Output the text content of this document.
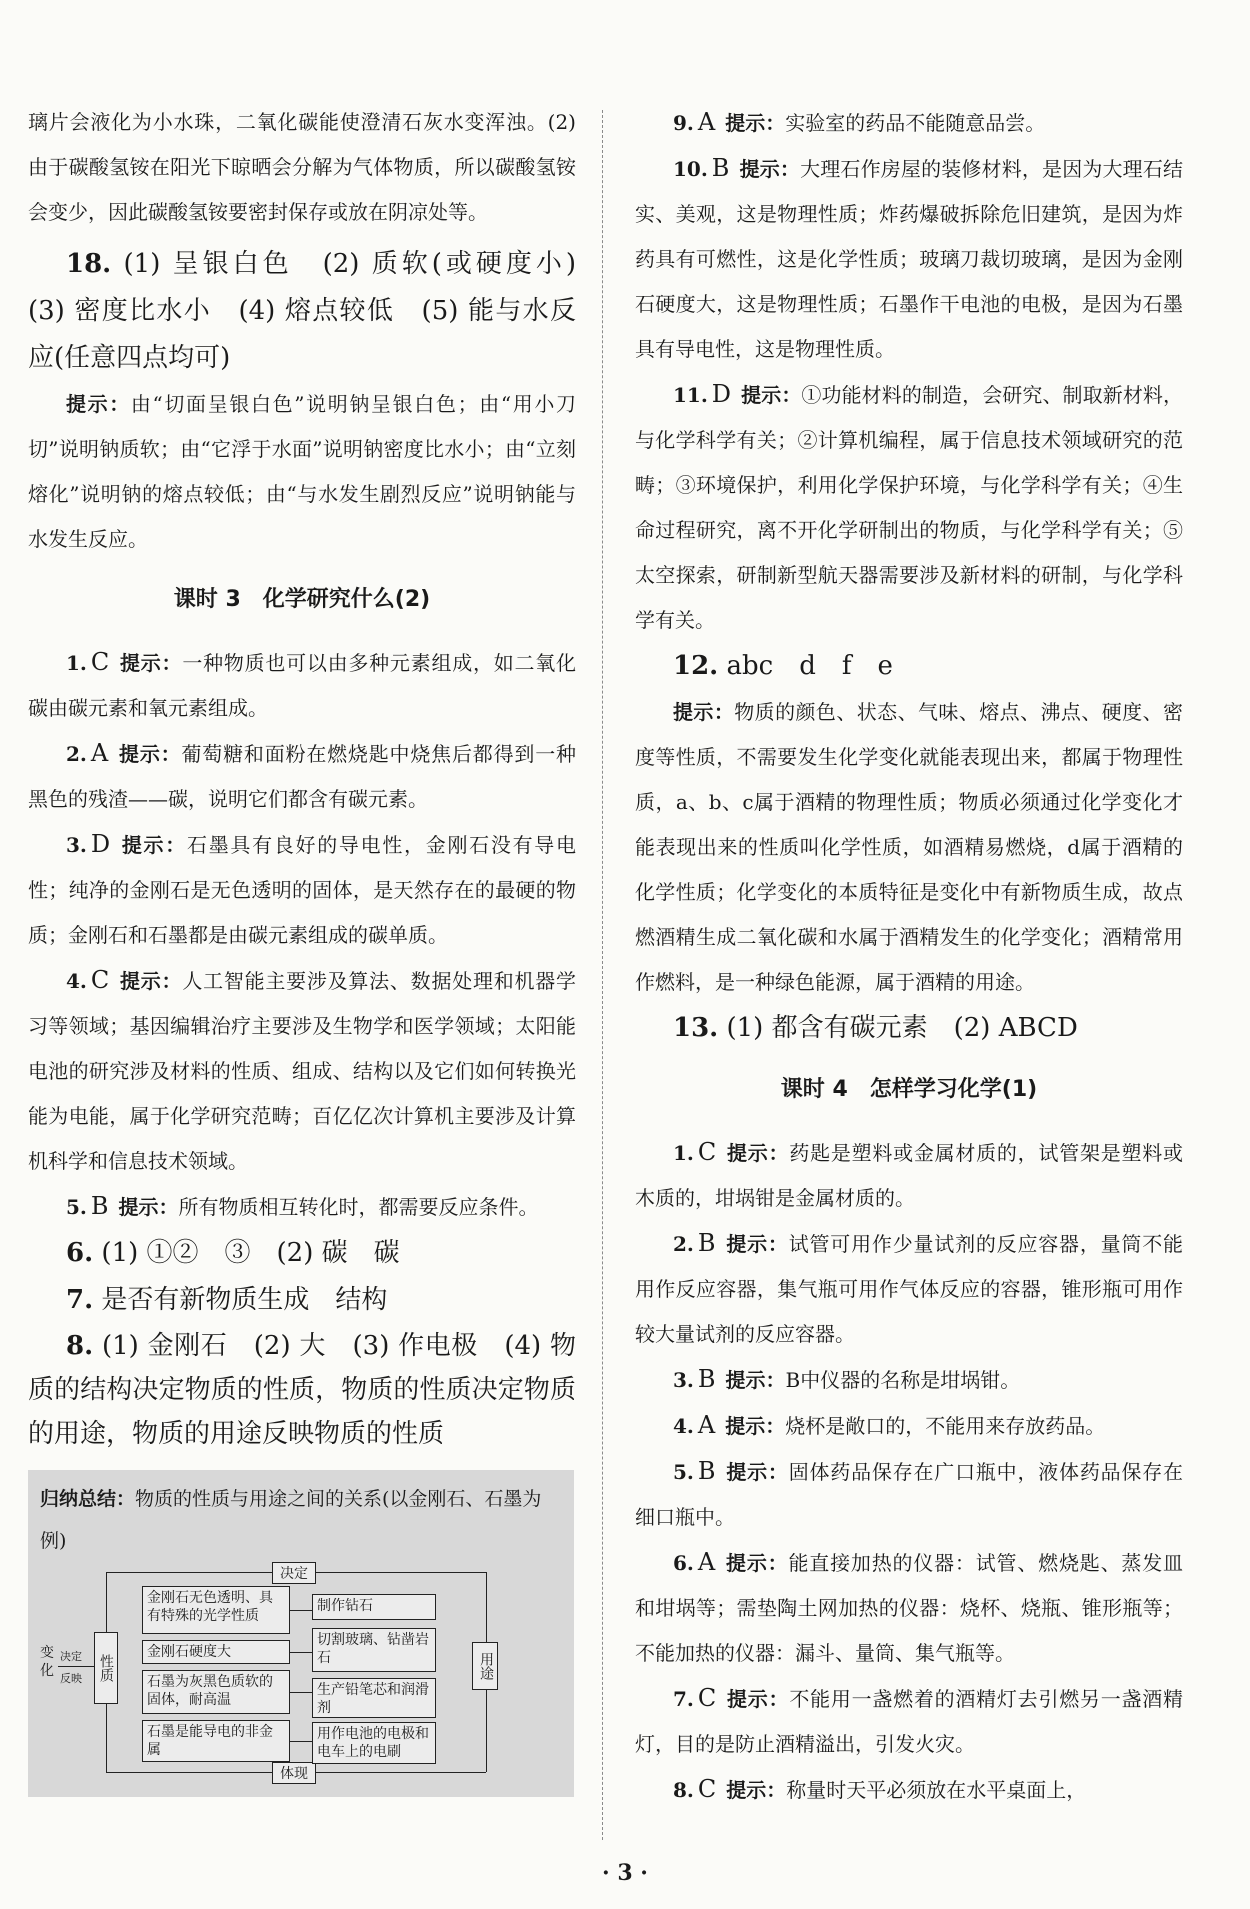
璃片会液化为小水珠，二氧化碳能使澄清石灰水变浑浊。(2) 由于碳酸氢铵在阳光下晾晒会分解为气体物质，所以碳酸氢铵会变少，因此碳酸氢铵要密封保存或放在阴凉处等。

18. (1) 呈银白色　(2) 质软(或硬度小)　(3) 密度比水小　(4) 熔点较低　(5) 能与水反应(任意四点均可)

提示：由“切面呈银白色”说明钠呈银白色；由“用小刀切”说明钠质软；由“它浮于水面”说明钠密度比水小；由“立刻熔化”说明钠的熔点较低；由“与水发生剧烈反应”说明钠能与水发生反应。

课时 3　化学研究什么(2)

1. C 提示：一种物质也可以由多种元素组成，如二氧化碳由碳元素和氧元素组成。

2. A 提示：葡萄糖和面粉在燃烧匙中烧焦后都得到一种黑色的残渣——碳，说明它们都含有碳元素。

3. D 提示：石墨具有良好的导电性，金刚石没有导电性；纯净的金刚石是无色透明的固体，是天然存在的最硬的物质；金刚石和石墨都是由碳元素组成的碳单质。

4. C 提示：人工智能主要涉及算法、数据处理和机器学习等领域；基因编辑治疗主要涉及生物学和医学领域；太阳能电池的研究涉及材料的性质、组成、结构以及它们如何转换光能为电能，属于化学研究范畴；百亿亿次计算机主要涉及计算机科学和信息技术领域。

5. B 提示：所有物质相互转化时，都需要反应条件。

6. (1) ①②　③　(2) 碳　碳

7. 是否有新物质生成　结构

8. (1) 金刚石　(2) 大　(3) 作电极　(4) 物质的结构决定物质的性质，物质的性质决定物质的用途，物质的用途反映物质的性质

归纳总结：物质的性质与用途之间的关系(以金刚石、石墨为例)
决定
体现
变化
决定
反映 性质
金刚石无色透明、具有特殊的光学性质
金刚石硬度大
石墨为灰黑色质软的固体，耐高温
石墨是能导电的非金属
制作钻石
切割玻璃、钻凿岩石
生产铅笔芯和润滑剂
用作电池的电极和电车上的电刷
用途

9. A 提示：实验室的药品不能随意品尝。

10. B 提示：大理石作房屋的装修材料，是因为大理石结实、美观，这是物理性质；炸药爆破拆除危旧建筑，是因为炸药具有可燃性，这是化学性质；玻璃刀裁切玻璃，是因为金刚石硬度大，这是物理性质；石墨作干电池的电极，是因为石墨具有导电性，这是物理性质。

11. D 提示：①功能材料的制造，会研究、制取新材料，与化学科学有关；②计算机编程，属于信息技术领域研究的范畴；③环境保护，利用化学保护环境，与化学科学有关；④生命过程研究，离不开化学研制出的物质，与化学科学有关；⑤太空探索，研制新型航天器需要涉及新材料的研制，与化学科学有关。

12. abc　d　f　e

提示：物质的颜色、状态、气味、熔点、沸点、硬度、密度等性质，不需要发生化学变化就能表现出来，都属于物理性质，a、b、c属于酒精的物理性质；物质必须通过化学变化才能表现出来的性质叫化学性质，如酒精易燃烧，d属于酒精的化学性质；化学变化的本质特征是变化中有新物质生成，故点燃酒精生成二氧化碳和水属于酒精发生的化学变化；酒精常用作燃料，是一种绿色能源，属于酒精的用途。

13. (1) 都含有碳元素　(2) ABCD

课时 4　怎样学习化学(1)

1. C 提示：药匙是塑料或金属材质的，试管架是塑料或木质的，坩埚钳是金属材质的。

2. B 提示：试管可用作少量试剂的反应容器，量筒不能用作反应容器，集气瓶可用作气体反应的容器，锥形瓶可用作较大量试剂的反应容器。

3. B 提示：B中仪器的名称是坩埚钳。

4. A 提示：烧杯是敞口的，不能用来存放药品。

5. B 提示：固体药品保存在广口瓶中，液体药品保存在细口瓶中。

6. A 提示：能直接加热的仪器：试管、燃烧匙、蒸发皿和坩埚等；需垫陶土网加热的仪器：烧杯、烧瓶、锥形瓶等；不能加热的仪器：漏斗、量筒、集气瓶等。

7. C 提示：不能用一盏燃着的酒精灯去引燃另一盏酒精灯，目的是防止酒精溢出，引发火灾。

8. C 提示：称量时天平必须放在水平桌面上，

· 3 ·
